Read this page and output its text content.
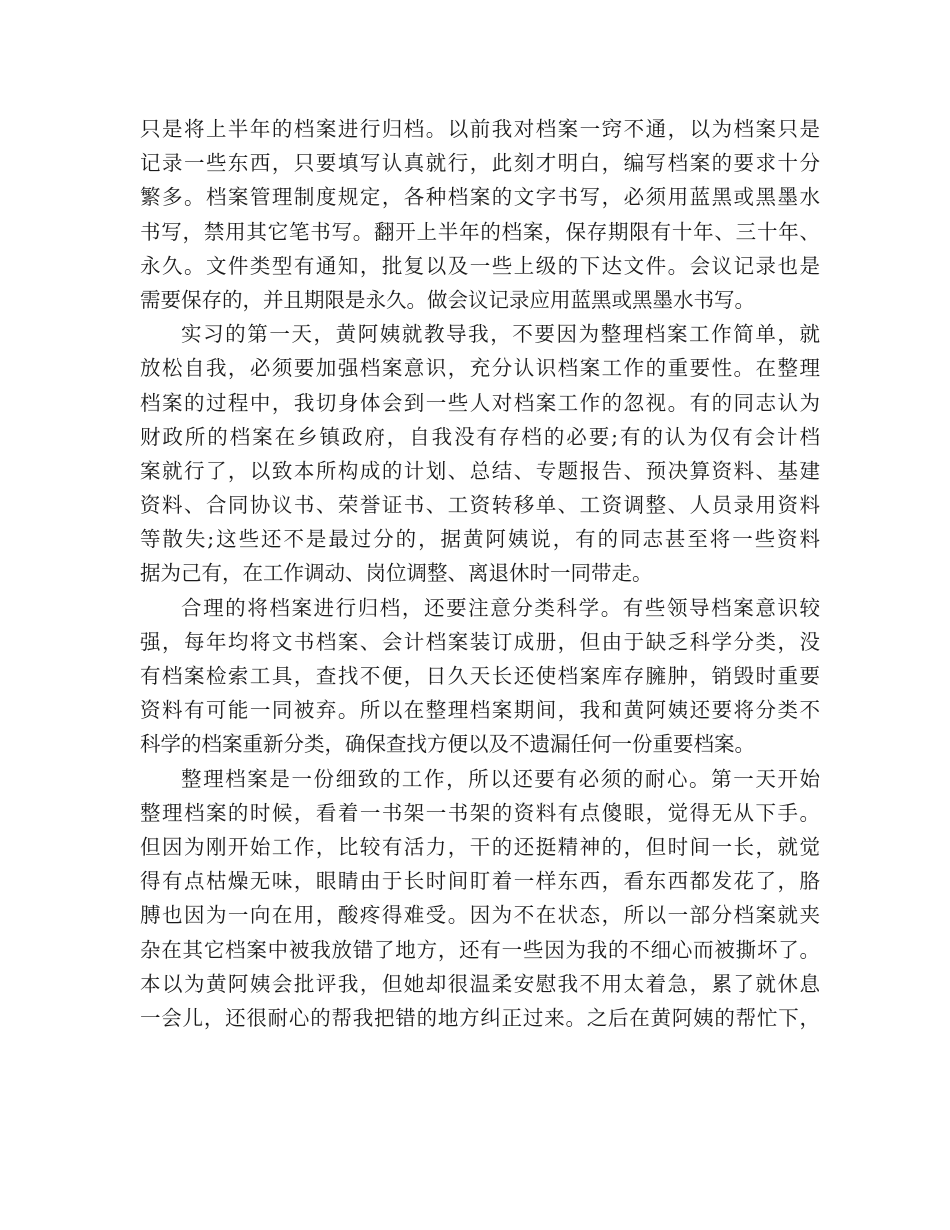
只是将上半年的档案进行归档。以前我对档案一窍不通，以为档案只是
记录一些东西，只要填写认真就行，此刻才明白，编写档案的要求十分
繁多。档案管理制度规定，各种档案的文字书写，必须用蓝黑或黑墨水
书写，禁用其它笔书写。翻开上半年的档案，保存期限有十年、三十年、
永久。文件类型有通知，批复以及一些上级的下达文件。会议记录也是
需要保存的，并且期限是永久。做会议记录应用蓝黑或黑墨水书写。
实习的第一天，黄阿姨就教导我，不要因为整理档案工作简单，就
放松自我，必须要加强档案意识，充分认识档案工作的重要性。在整理
档案的过程中，我切身体会到一些人对档案工作的忽视。有的同志认为
财政所的档案在乡镇政府，自我没有存档的必要;有的认为仅有会计档
案就行了，以致本所构成的计划、总结、专题报告、预决算资料、基建
资料、合同协议书、荣誉证书、工资转移单、工资调整、人员录用资料
等散失;这些还不是最过分的，据黄阿姨说，有的同志甚至将一些资料
据为己有，在工作调动、岗位调整、离退休时一同带走。
合理的将档案进行归档，还要注意分类科学。有些领导档案意识较
强，每年均将文书档案、会计档案装订成册，但由于缺乏科学分类，没
有档案检索工具，查找不便，日久天长还使档案库存臃肿，销毁时重要
资料有可能一同被弃。所以在整理档案期间，我和黄阿姨还要将分类不
科学的档案重新分类，确保查找方便以及不遗漏任何一份重要档案。
整理档案是一份细致的工作，所以还要有必须的耐心。第一天开始
整理档案的时候，看着一书架一书架的资料有点傻眼，觉得无从下手。
但因为刚开始工作，比较有活力，干的还挺精神的，但时间一长，就觉
得有点枯燥无味，眼睛由于长时间盯着一样东西，看东西都发花了，胳
膊也因为一向在用，酸疼得难受。因为不在状态，所以一部分档案就夹
杂在其它档案中被我放错了地方，还有一些因为我的不细心而被撕坏了。
本以为黄阿姨会批评我，但她却很温柔安慰我不用太着急，累了就休息
一会儿，还很耐心的帮我把错的地方纠正过来。之后在黄阿姨的帮忙下，
